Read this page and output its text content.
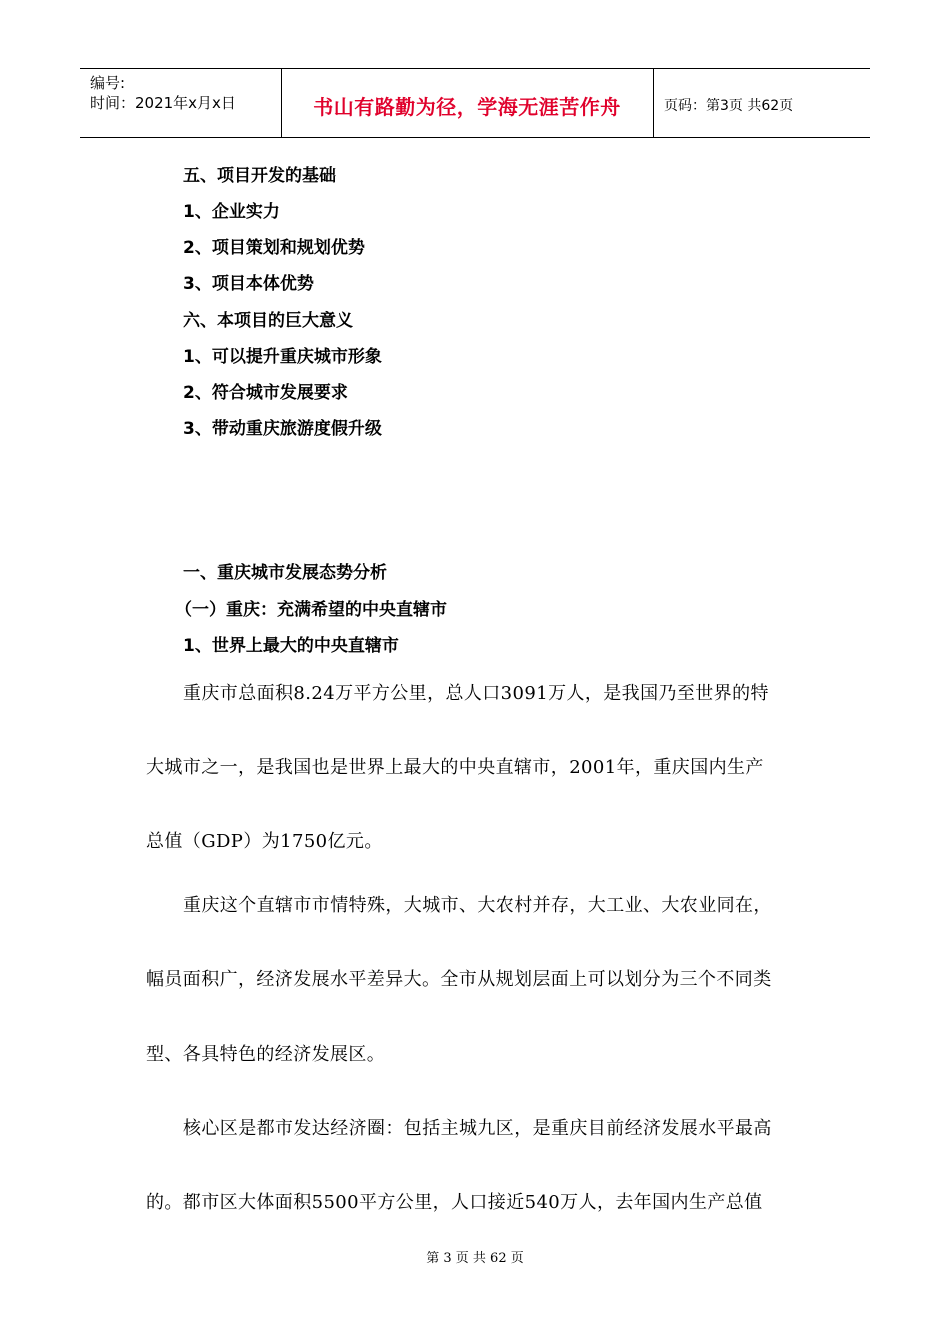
编号:
时间：2021年x月x日	书山有路勤为径，学海无涯苦作舟	页码：第3页 共62页
五、项目开发的基础
1、企业实力
2、项目策划和规划优势
3、项目本体优势
六、本项目的巨大意义
1、可以提升重庆城市形象
2、符合城市发展要求
3、带动重庆旅游度假升级
一、重庆城市发展态势分析
（一）重庆：充满希望的中央直辖市
1、世界上最大的中央直辖市
重庆市总面积8.24万平方公里，总人口3091万人，是我国乃至世界的特
大城市之一，是我国也是世界上最大的中央直辖市，2001年，重庆国内生产
总值（GDP）为1750亿元。
重庆这个直辖市市情特殊，大城市、大农村并存，大工业、大农业同在，
幅员面积广，经济发展水平差异大。全市从规划层面上可以划分为三个不同类
型、各具特色的经济发展区。
核心区是都市发达经济圈：包括主城九区，是重庆目前经济发展水平最高
的。都市区大体面积5500平方公里，人口接近540万人，去年国内生产总值
第 3 页 共 62 页
